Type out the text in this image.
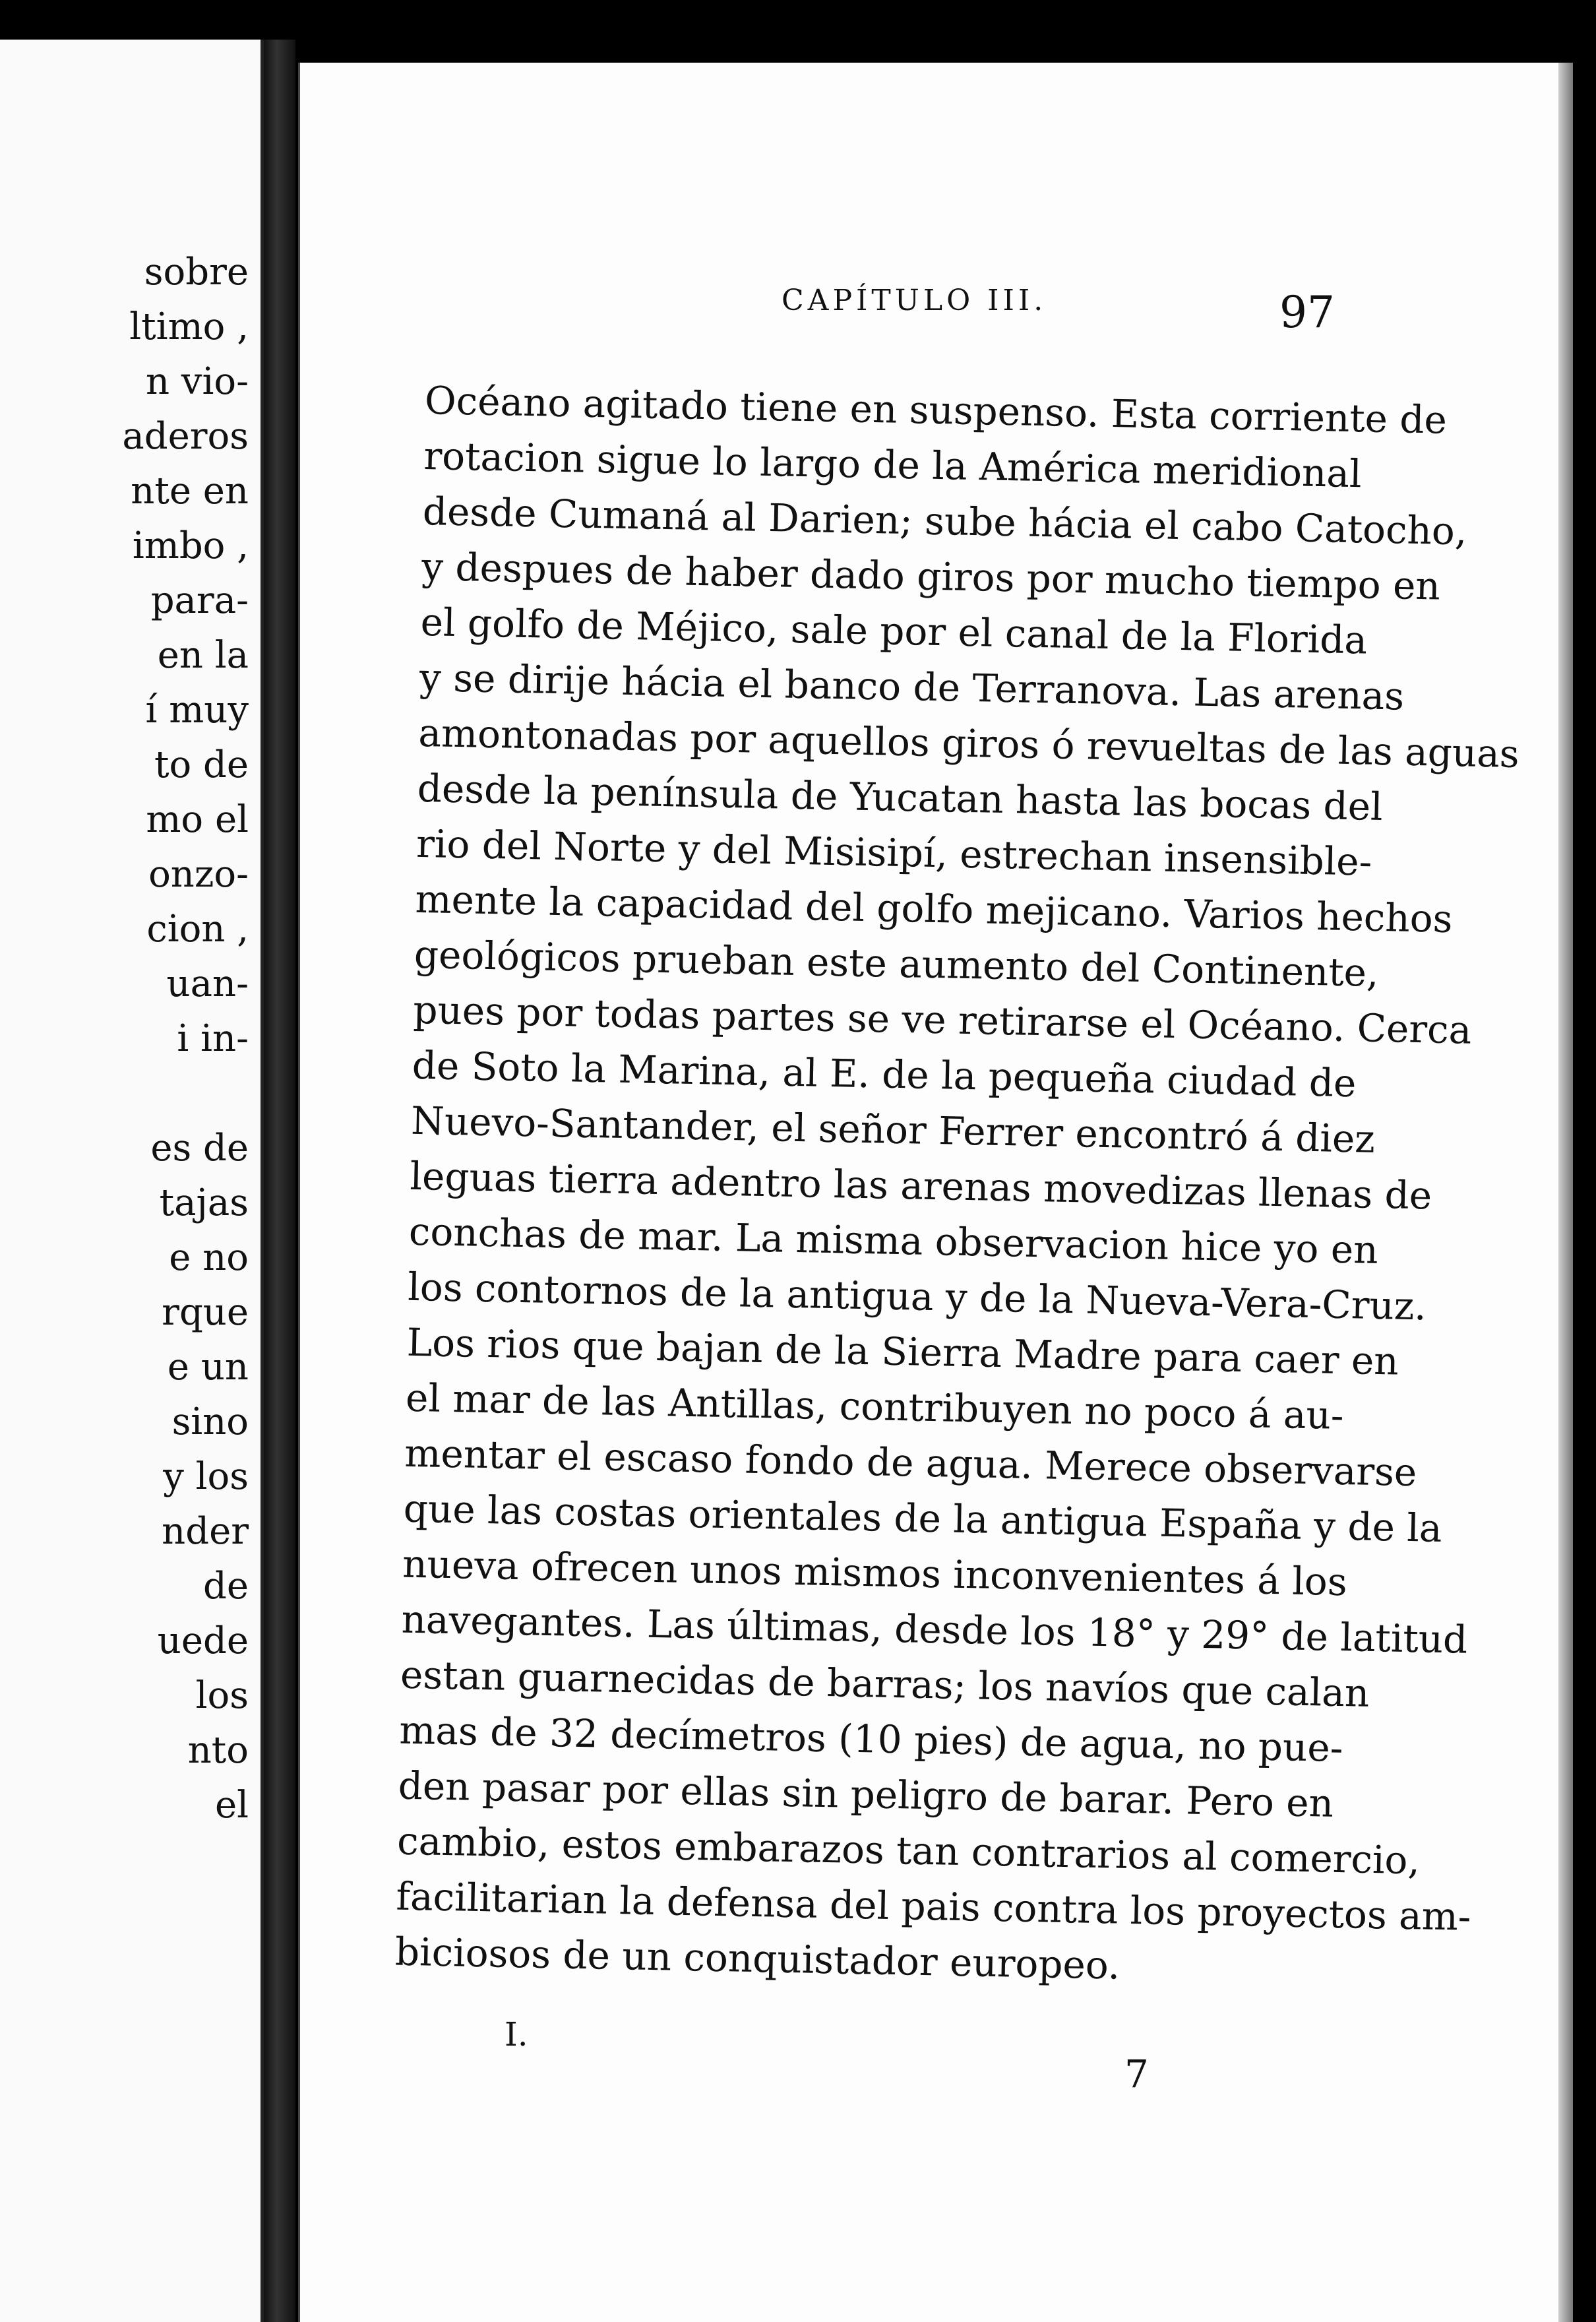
sobre
ltimo ,
n vio-
aderos
nte en
imbo ,
para-
en la
í muy
to de
mo el
onzo-
cion ,
uan-
i in-
es de
tajas
e no
rque
e un
sino
y los
nder
de
uede
los
nto
el
CAPÍTULO III.	97
Océano agitado tiene en suspenso. Esta corriente de
rotacion sigue lo largo de la América meridional
desde Cumaná al Darien; sube hácia el cabo Catocho,
y despues de haber dado giros por mucho tiempo en
el golfo de Méjico, sale por el canal de la Florida
y se dirije hácia el banco de Terranova. Las arenas
amontonadas por aquellos giros ó revueltas de las aguas
desde la península de Yucatan hasta las bocas del
rio del Norte y del Misisipí, estrechan insensible-
mente la capacidad del golfo mejicano. Varios hechos
geológicos prueban este aumento del Continente,
pues por todas partes se ve retirarse el Océano. Cerca
de Soto la Marina, al E. de la pequeña ciudad de
Nuevo-Santander, el señor Ferrer encontró á diez
leguas tierra adentro las arenas movedizas llenas de
conchas de mar. La misma observacion hice yo en
los contornos de la antigua y de la Nueva-Vera-Cruz.
Los rios que bajan de la Sierra Madre para caer en
el mar de las Antillas, contribuyen no poco á au-
mentar el escaso fondo de agua. Merece observarse
que las costas orientales de la antigua España y de la
nueva ofrecen unos mismos inconvenientes á los
navegantes. Las últimas, desde los 18° y 29° de latitud
estan guarnecidas de barras; los navíos que calan
mas de 32 decímetros (10 pies) de agua, no pue-
den pasar por ellas sin peligro de barar. Pero en
cambio, estos embarazos tan contrarios al comercio,
facilitarian la defensa del pais contra los proyectos am-
biciosos de un conquistador europeo.
I.
7
